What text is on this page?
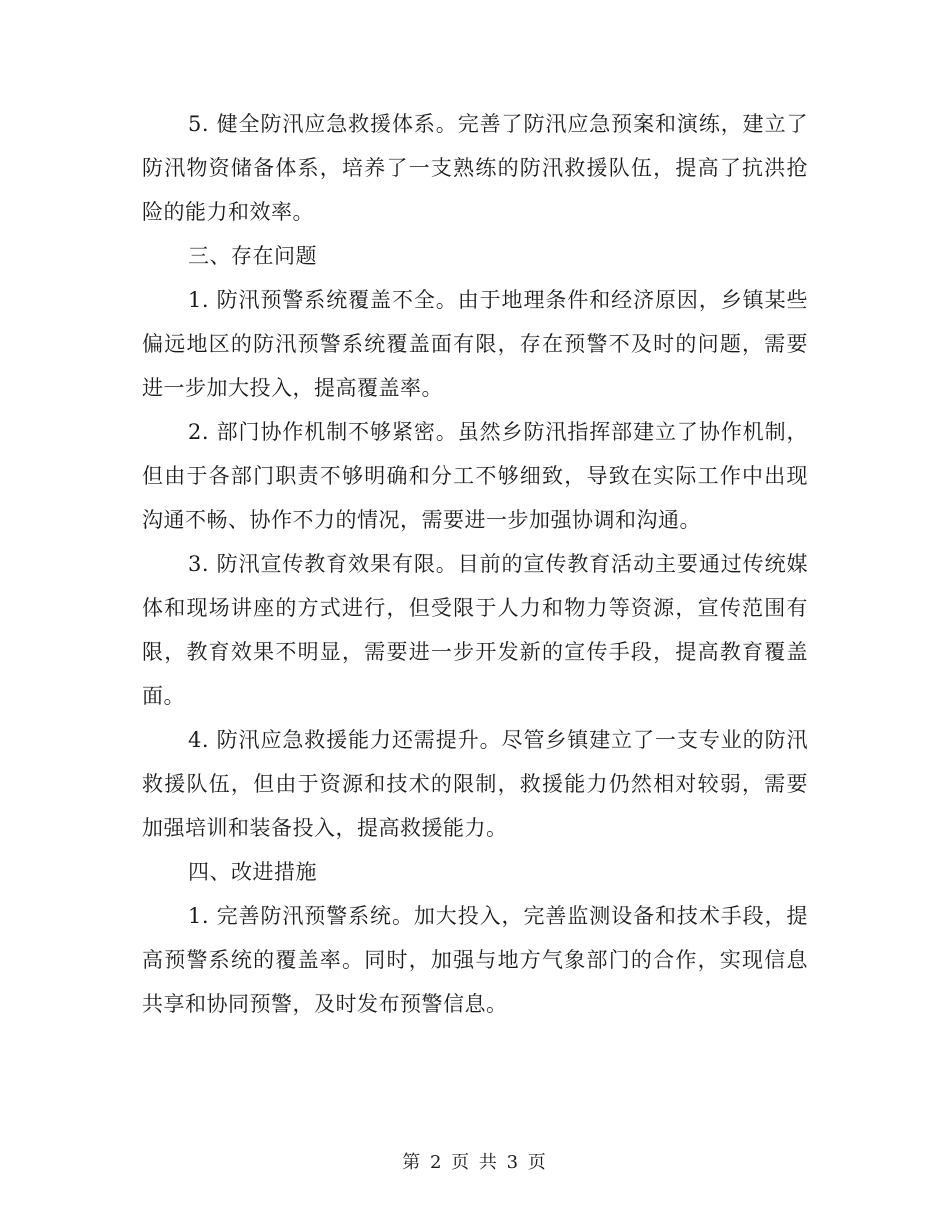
5. 健全防汛应急救援体系。完善了防汛应急预案和演练，建立了防汛物资储备体系，培养了一支熟练的防汛救援队伍，提高了抗洪抢险的能力和效率。

三、存在问题

1. 防汛预警系统覆盖不全。由于地理条件和经济原因，乡镇某些偏远地区的防汛预警系统覆盖面有限，存在预警不及时的问题，需要进一步加大投入，提高覆盖率。

2. 部门协作机制不够紧密。虽然乡防汛指挥部建立了协作机制，但由于各部门职责不够明确和分工不够细致，导致在实际工作中出现沟通不畅、协作不力的情况，需要进一步加强协调和沟通。

3. 防汛宣传教育效果有限。目前的宣传教育活动主要通过传统媒体和现场讲座的方式进行，但受限于人力和物力等资源，宣传范围有限，教育效果不明显，需要进一步开发新的宣传手段，提高教育覆盖面。

4. 防汛应急救援能力还需提升。尽管乡镇建立了一支专业的防汛救援队伍，但由于资源和技术的限制，救援能力仍然相对较弱，需要加强培训和装备投入，提高救援能力。

四、改进措施

1. 完善防汛预警系统。加大投入，完善监测设备和技术手段，提高预警系统的覆盖率。同时，加强与地方气象部门的合作，实现信息共享和协同预警，及时发布预警信息。

第 2 页 共 3 页
